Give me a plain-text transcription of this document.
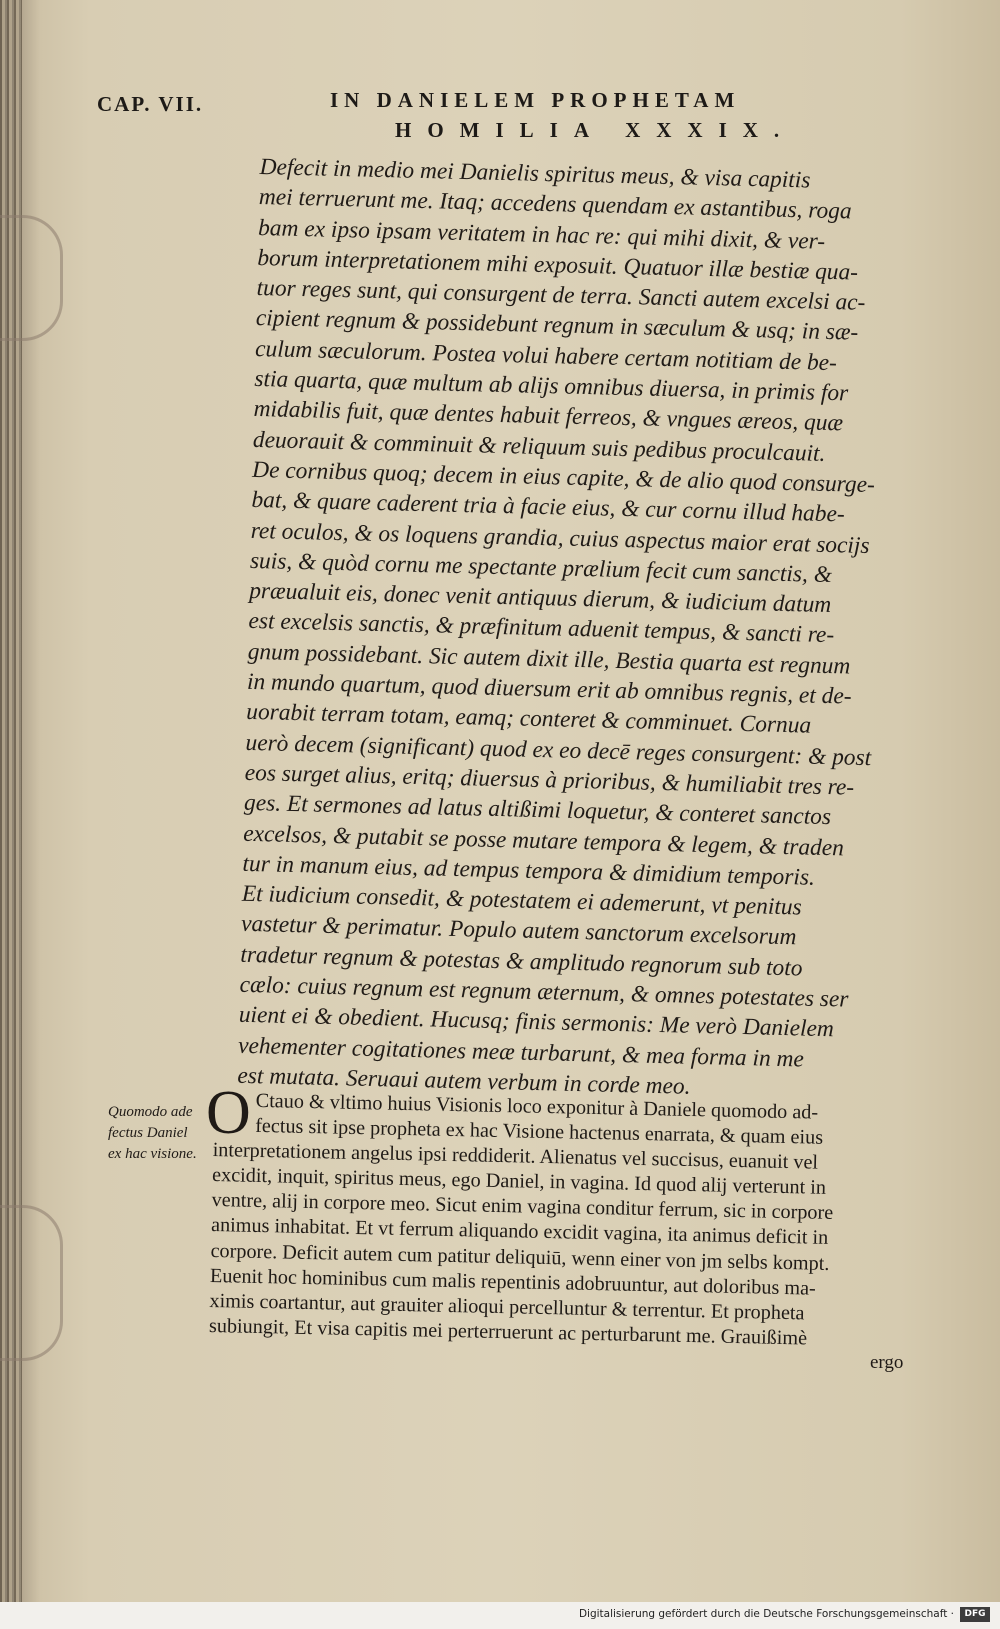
CAP. VII.	IN DANIELEM PROPHETAM
HOMILIA XXXIX.
Defecit in medio mei Danielis spiritus meus, & visa capitis
mei terruerunt me. Itaq; accedens quendam ex astantibus, roga
bam ex ipso ipsam veritatem in hac re: qui mihi dixit, & ver-
borum interpretationem mihi exposuit. Quatuor illæ bestiæ qua-
tuor reges sunt, qui consurgent de terra. Sancti autem excelsi ac-
cipient regnum & possidebunt regnum in sæculum & usq; in sæ-
culum sæculorum. Postea volui habere certam notitiam de be-
stia quarta, quæ multum ab alijs omnibus diuersa, in primis for
midabilis fuit, quæ dentes habuit ferreos, & vngues æreos, quæ
deuorauit & comminuit & reliquum suis pedibus proculcauit.
De cornibus quoq; decem in eius capite, & de alio quod consurge-
bat, & quare caderent tria à facie eius, & cur cornu illud habe-
ret oculos, & os loquens grandia, cuius aspectus maior erat socijs
suis, & quòd cornu me spectante prælium fecit cum sanctis, &
præualuit eis, donec venit antiquus dierum, & iudicium datum
est excelsis sanctis, & præfinitum aduenit tempus, & sancti re-
gnum possidebant. Sic autem dixit ille, Bestia quarta est regnum
in mundo quartum, quod diuersum erit ab omnibus regnis, et de-
uorabit terram totam, eamq; conteret & comminuet. Cornua
uerò decem (significant) quod ex eo decē reges consurgent: & post
eos surget alius, eritq; diuersus à prioribus, & humiliabit tres re-
ges. Et sermones ad latus altißimi loquetur, & conteret sanctos
excelsos, & putabit se posse mutare tempora & legem, & traden
tur in manum eius, ad tempus tempora & dimidium temporis.
Et iudicium consedit, & potestatem ei ademerunt, vt penitus
vastetur & perimatur. Populo autem sanctorum excelsorum
tradetur regnum & potestas & amplitudo regnorum sub toto
cælo: cuius regnum est regnum æternum, & omnes potestates ser
uient ei & obedient. Hucusq; finis sermonis: Me verò Danielem
vehementer cogitationes meæ turbarunt, & mea forma in me
est mutata. Seruaui autem verbum in corde meo.
Quomodo ade
fectus Daniel
ex hac visione.
O Ctauo & vltimo huius Visionis loco exponitur à Daniele quomodo ad-
fectus sit ipse propheta ex hac Visione hactenus enarrata, & quam eius
interpretationem angelus ipsi reddiderit. Alienatus vel succisus, euanuit vel
excidit, inquit, spiritus meus, ego Daniel, in vagina. Id quod alij verterunt in
ventre, alij in corpore meo. Sicut enim vagina conditur ferrum, sic in corpore
animus inhabitat. Et vt ferrum aliquando excidit vagina, ita animus deficit in
corpore. Deficit autem cum patitur deliquiū, wenn einer von jm selbs kompt.
Euenit hoc hominibus cum malis repentinis adobruuntur, aut doloribus ma-
ximis coartantur, aut grauiter alioqui percelluntur & terrentur. Et propheta
subiungit, Et visa capitis mei perterruerunt ac perturbarunt me. Grauißimè
ergo
Digitalisierung gefördert durch die Deutsche Forschungsgemeinschaft ·	DFG
